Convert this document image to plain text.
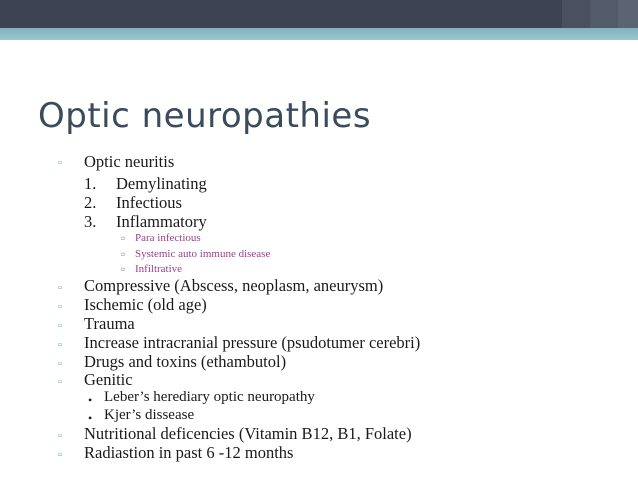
Optic neuropathies
▫ Optic neuritis
1. Demylinating
2. Infectious
3. Inflammatory
▫ Para infectious
▫ Systemic auto immune disease
▫ Infiltrative
▫ Compressive (Abscess, neoplasm, aneurysm)
▫ Ischemic (old age)
▫ Trauma
▫ Increase intracranial pressure (psudotumer cerebri)
▫ Drugs and toxins (ethambutol)
▫ Genitic
• Leber’s herediary optic neuropathy
• Kjer’s dissease
▫ Nutritional deficencies (Vitamin B12, B1, Folate)
▫ Radiastion in past 6 -12 months
